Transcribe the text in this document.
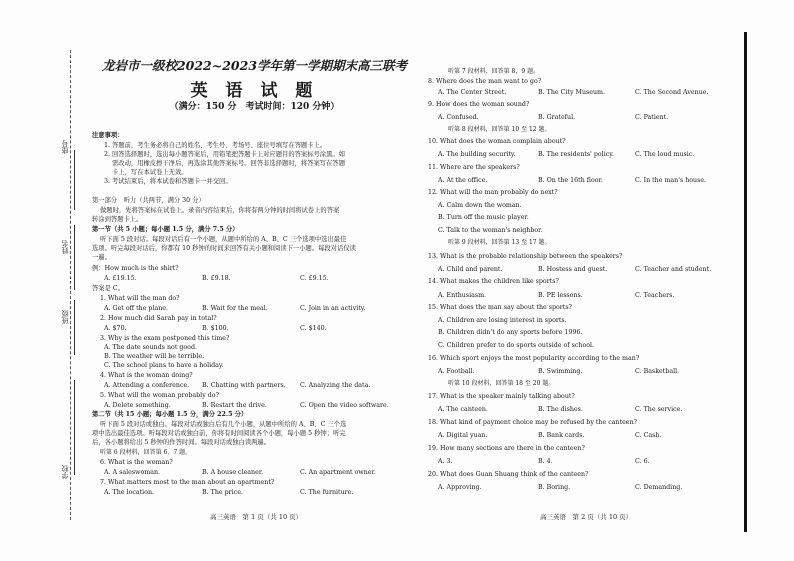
座号
姓名
班级
学校
龙岩市一级校2022~2023学年第一学期期末高三联考
英 语 试 题
（满分：150 分　考试时间：120 分钟）
注意事项：
1. 答题前，考生务必将自己的姓名、考生号、考场号、座位号填写在答题卡上。
2. 回答选择题时，选出每小题答案后，用铅笔把答题卡上对应题目的答案标号涂黑。如
需改动，用橡皮擦干净后，再选涂其他答案标号。回答非选择题时，将答案写在答题
卡上，写在本试卷上无效。
3. 考试结束后，将本试卷和答题卡一并交回。
第一部分　听力（共两节，满分 30 分）
做题时，先将答案标在试卷上。录音内容结束后，你将有两分钟的时间将试卷上的答案
转涂到答题卡上。
第一节（共 5 小题；每小题 1.5 分，满分 7.5 分）
听下面 5 段对话。每段对话后有一个小题，从题中所给的 A、B、C 三个选项中选出最佳
选项。听完每段对话后，你都有 10 秒钟的时间来回答有关小题和阅读下一小题。每段对话仅读
一遍。
例：How much is the shirt?
A. £19.15.	B. £9.18.	C. £9.15.
答案是 C。
1. What will the man do?
A. Get off the plane.	B. Wait for the meal.	C. Join in an activity.
2. How much did Sarah pay in total?
A. $70.	B. $100.	C. $140.
3. Why is the exam postponed this time?
A. The date sounds not good.
B. The weather will be terrible.
C. The school plans to have a holiday.
4. What is the woman doing?
A. Attending a conference. B. Chatting with partners. C. Analyzing the data.
5. What will the woman probably do?
A. Delete something.	B. Restart the drive.	C. Open the video software.
第二节（共 15 小题；每小题 1.5 分，满分 22.5 分）
听下面 5 段对话或独白。每段对话或独白后有几个小题，从题中所给的 A、B、C 三个选
项中选出最佳选项。听每段对话或独白前，你将有时间阅读各个小题，每小题 5 秒钟；听完
后，各小题将给出 5 秒钟的作答时间。每段对话或独白读两遍。
听第 6 段材料，回答第 6、7 题。
6. What is the woman?
A. A saleswoman.	B. A house cleaner.	C. An apartment owner.
7. What matters most to the man about an apartment?
A. The location.	B. The price.	C. The furniture.
高三英语　第 1 页（共 10 页）
听第 7 段材料，回答第 8、9 题。
8. Where does the man want to go?
A. The Center Street.	B. The City Museum.	C. The Second Avenue.
9. How does the woman sound?
A. Confused.	B. Grateful.	C. Patient.
听第 8 段材料，回答第 10 至 12 题。
10. What does the woman complain about?
A. The building security.	B. The residents' policy.	C. The loud music.
11. Where are the speakers?
A. At the office.	B. On the 16th floor.	C. In the man's house.
12. What will the man probably do next?
A. Calm down the woman.
B. Turn off the music player.
C. Talk to the woman's neighbor.
听第 9 段材料，回答第 13 至 17 题。
13. What is the probable relationship between the speakers?
A. Child and parent.	B. Hostess and guest.	C. Teacher and student.
14. What makes the children like sports?
A. Enthusiasm.	B. PE lessons.	C. Teachers.
15. What does the man say about the sports?
A. Children are losing interest in sports.
B. Children didn't do any sports before 1996.
C. Children prefer to do sports outside of school.
16. Which sport enjoys the most popularity according to the man?
A. Football.	B. Swimming.	C. Basketball.
听第 10 段材料，回答第 18 至 20 题。
17. What is the speaker mainly talking about?
A. The canteen.	B. The dishes.	C. The service.
18. What kind of payment choice may be refused by the canteen?
A. Digital yuan.	B. Bank cards.	C. Cash.
19. How many sections are there in the canteen?
A. 3.	B. 4.	C. 6.
20. What does Guan Shuang think of the canteen?
A. Approving.	B. Boring.	C. Demanding.
高三英语　第 2 页（共 10 页）
